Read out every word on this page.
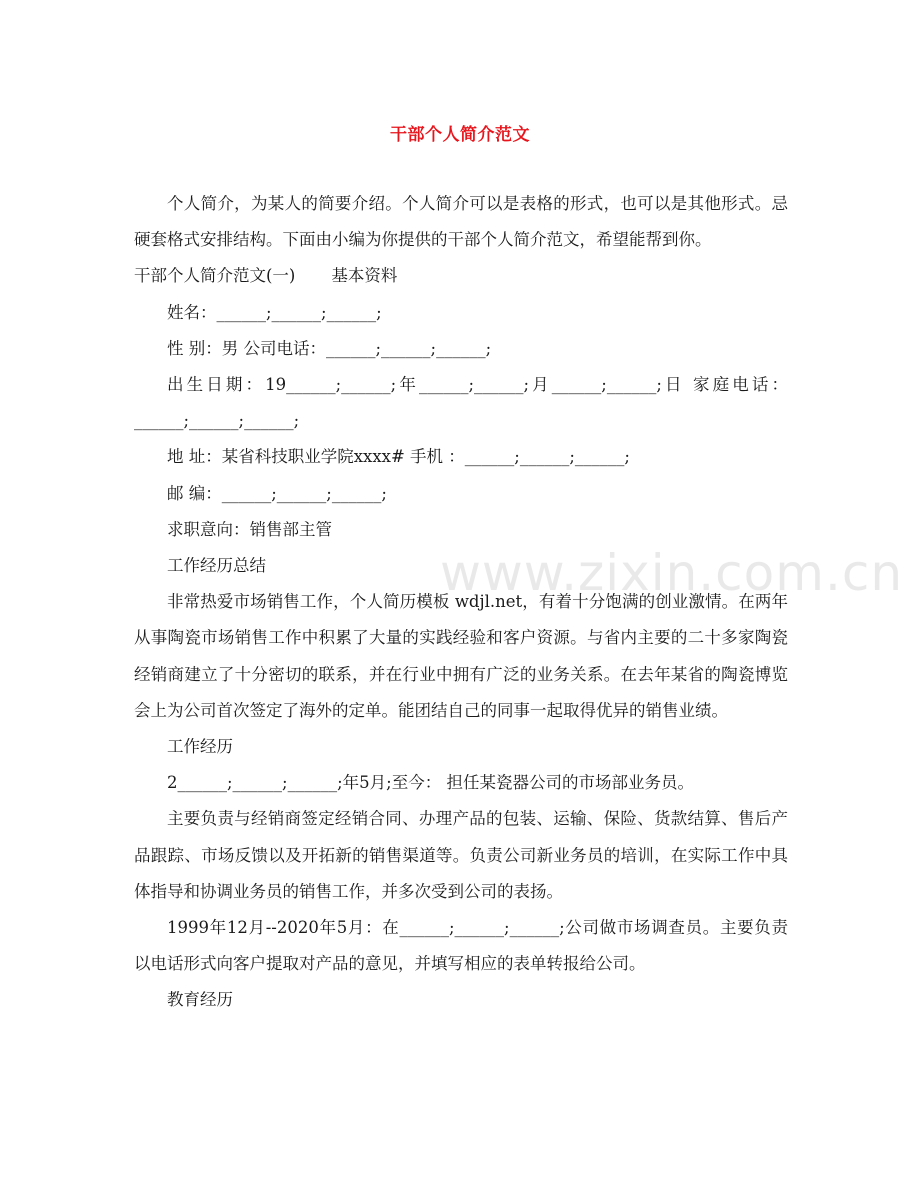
干部个人简介范文

个人简介，为某人的简要介绍。个人简介可以是表格的形式，也可以是其他形式。忌硬套格式安排结构。下面由小编为你提供的干部个人简介范文，希望能帮到你。

干部个人简介范文(一) 基本资料

姓名：______;______;______;

性 别：男 公司电话：______;______;______;

出生日期：19______;______;年______;______;月______;______;日 家庭电话：______;______;______;

地 址：某省科技职业学院xxxx# 手机 ：______;______;______;

邮 编：______;______;______;

求职意向：销售部主管

工作经历总结

非常热爱市场销售工作，个人简历模板 wdjl.net，有着十分饱满的创业激情。在两年从事陶瓷市场销售工作中积累了大量的实践经验和客户资源。与省内主要的二十多家陶瓷经销商建立了十分密切的联系，并在行业中拥有广泛的业务关系。在去年某省的陶瓷博览会上为公司首次签定了海外的定单。能团结自己的同事一起取得优异的销售业绩。

工作经历

2______;______;______;年5月;至今： 担任某瓷器公司的市场部业务员。

主要负责与经销商签定经销合同、办理产品的包装、运输、保险、货款结算、售后产品跟踪、市场反馈以及开拓新的销售渠道等。负责公司新业务员的培训，在实际工作中具体指导和协调业务员的销售工作，并多次受到公司的表扬。

1999年12月--2020年5月：在______;______;______;公司做市场调查员。主要负责以电话形式向客户提取对产品的意见，并填写相应的表单转报给公司。

教育经历

www.zixin.com.cn
